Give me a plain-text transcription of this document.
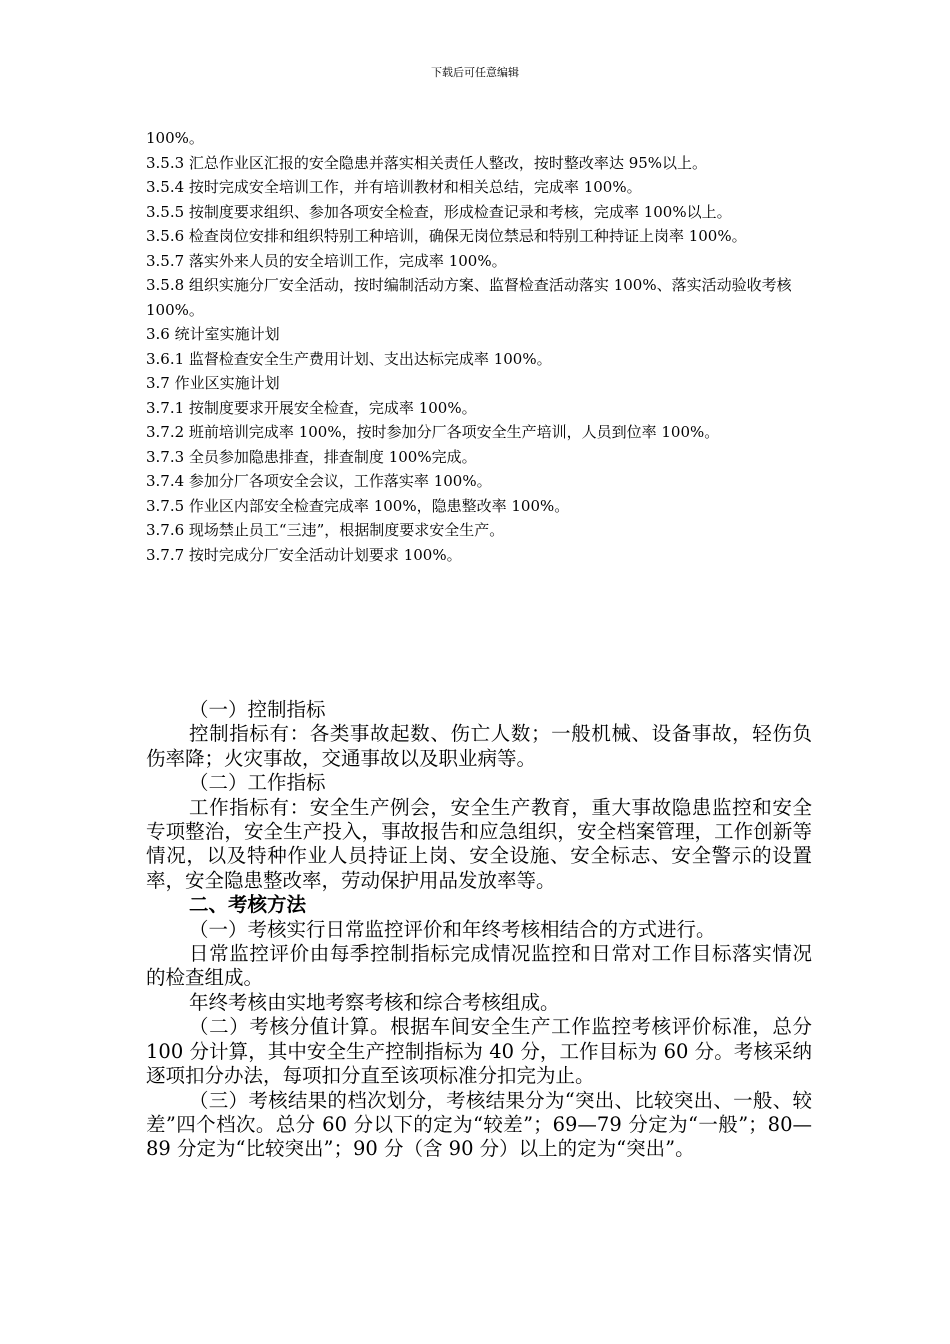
下载后可任意编辑

100%。

3.5.3 汇总作业区汇报的安全隐患并落实相关责任人整改，按时整改率达 95%以上。

3.5.4 按时完成安全培训工作，并有培训教材和相关总结，完成率 100%。

3.5.5 按制度要求组织、参加各项安全检查，形成检查记录和考核，完成率 100%以上。

3.5.6 检查岗位安排和组织特别工种培训，确保无岗位禁忌和特别工种持证上岗率 100%。

3.5.7 落实外来人员的安全培训工作，完成率 100%。

3.5.8 组织实施分厂安全活动，按时编制活动方案、监督检查活动落实 100%、落实活动验收考核 100%。

3.6 统计室实施计划

3.6.1 监督检查安全生产费用计划、支出达标完成率 100%。

3.7 作业区实施计划

3.7.1 按制度要求开展安全检查，完成率 100%。

3.7.2 班前培训完成率 100%，按时参加分厂各项安全生产培训，人员到位率 100%。

3.7.3 全员参加隐患排查，排查制度 100%完成。

3.7.4 参加分厂各项安全会议，工作落实率 100%。

3.7.5 作业区内部安全检查完成率 100%，隐患整改率 100%。

3.7.6 现场禁止员工“三违”，根据制度要求安全生产。

3.7.7 按时完成分厂安全活动计划要求 100%。

（一）控制指标

控制指标有：各类事故起数、伤亡人数；一般机械、设备事故，轻伤负伤率降；火灾事故，交通事故以及职业病等。

（二）工作指标

工作指标有：安全生产例会，安全生产教育，重大事故隐患监控和安全专项整治，安全生产投入，事故报告和应急组织，安全档案管理，工作创新等情况，以及特种作业人员持证上岗、安全设施、安全标志、安全警示的设置率，安全隐患整改率，劳动保护用品发放率等。

二、考核方法

（一）考核实行日常监控评价和年终考核相结合的方式进行。

日常监控评价由每季控制指标完成情况监控和日常对工作目标落实情况的检查组成。

年终考核由实地考察考核和综合考核组成。

（二）考核分值计算。根据车间安全生产工作监控考核评价标准，总分 100 分计算，其中安全生产控制指标为 40 分，工作目标为 60 分。考核采纳逐项扣分办法，每项扣分直至该项标准分扣完为止。

（三）考核结果的档次划分，考核结果分为“突出、比较突出、一般、较差”四个档次。总分 60 分以下的定为“较差”；69—79 分定为“一般”；80—89 分定为“比较突出”；90 分（含 90 分）以上的定为“突出”。
